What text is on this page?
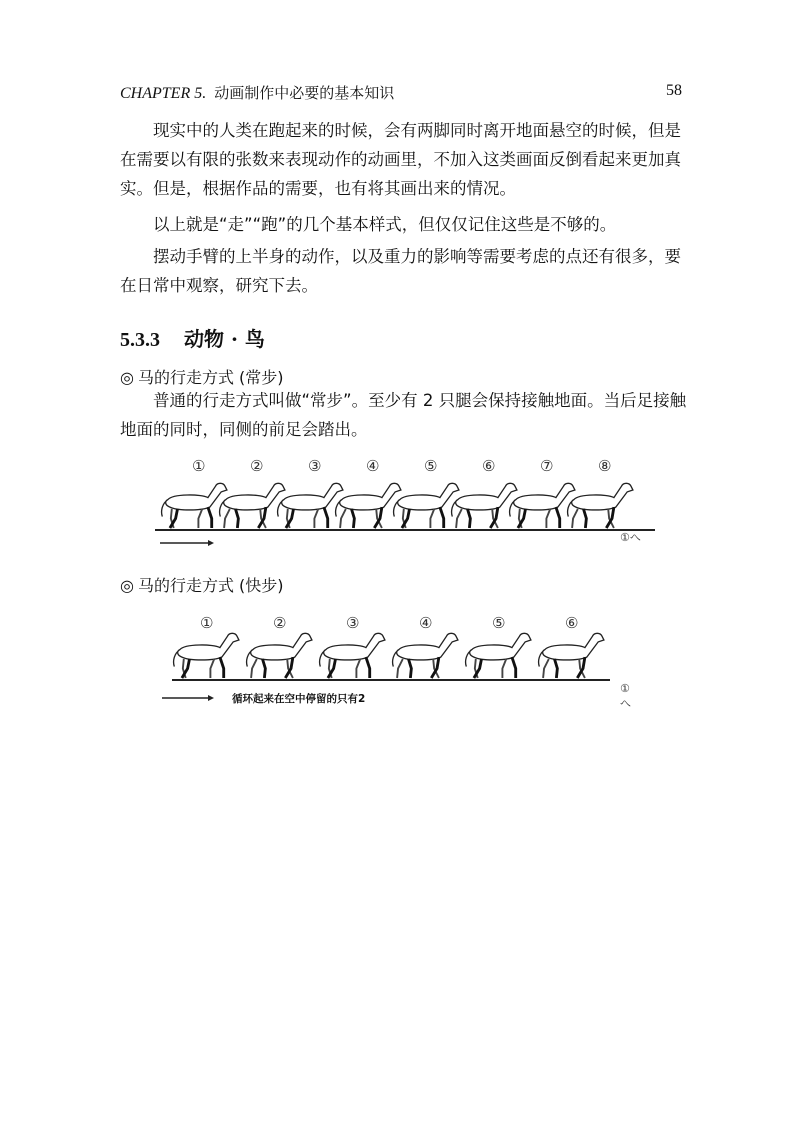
CHAPTER 5. 动画制作中必要的基本知识	58

现实中的人类在跑起来的时候，会有两脚同时离开地面悬空的时候，但是在需要以有限的张数来表现动作的动画里，不加入这类画面反倒看起来更加真实。但是，根据作品的需要，也有将其画出来的情况。

以上就是“走”“跑”的几个基本样式，但仅仅记住这些是不够的。

摆动手臂的上半身的动作，以及重力的影响等需要考虑的点还有很多，要在日常中观察，研究下去。

5.3.3 动物 · 鸟
◎ 马的行走方式 (常步)

普通的行走方式叫做“常步”。至少有 2 只腿会保持接触地面。当后足接触地面的同时，同侧的前足会踏出。

①	②	③	④	⑤	⑥	⑦	⑧
①へ
◎ 马的行走方式 (快步)
①	②	③	④	⑤	⑥
循环起来在空中停留的只有2
①へ
